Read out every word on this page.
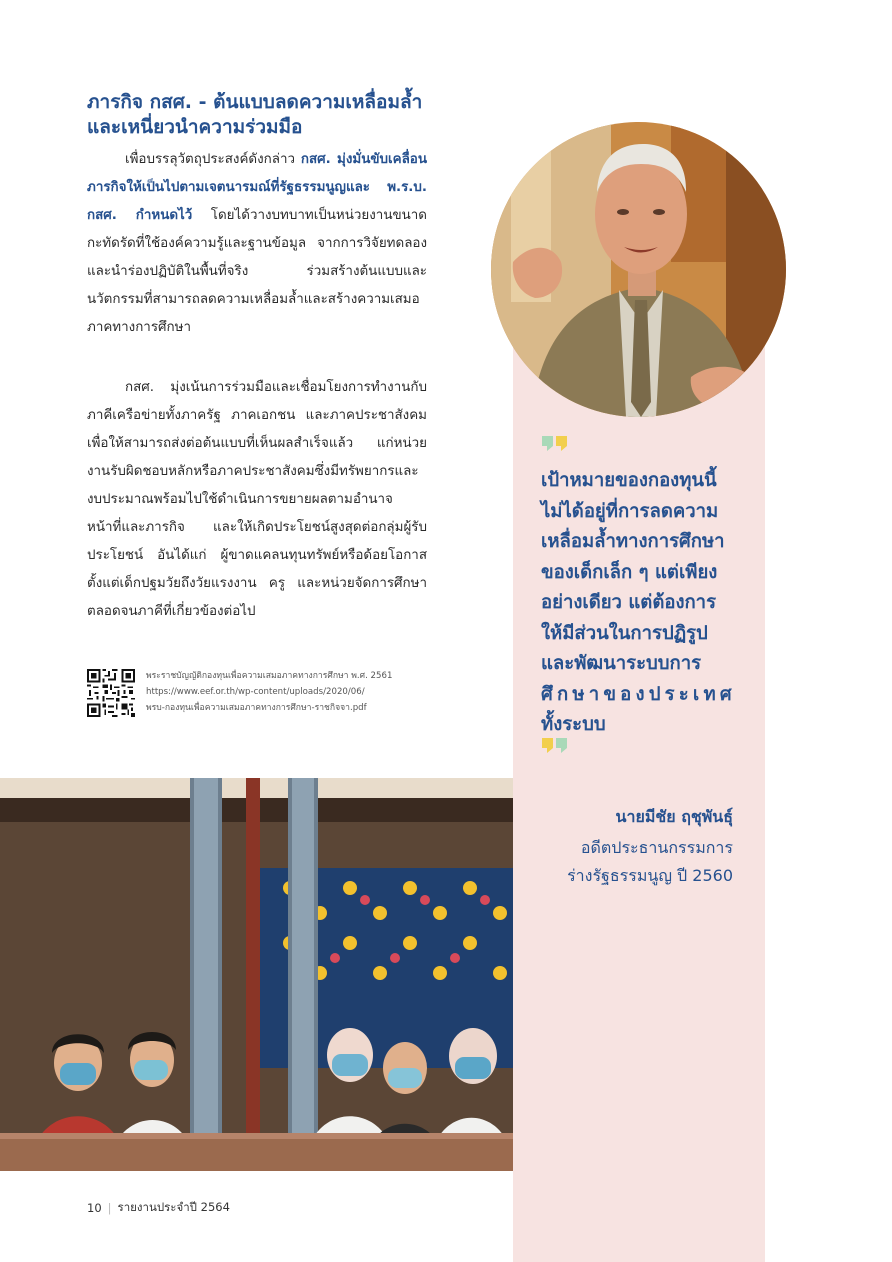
ภารกิจ กสศ. - ต้นแบบลดความเหลื่อมล้ำ
และเหนี่ยวนำความร่วมมือ

เพื่อบรรลุวัตถุประสงค์ดังกล่าว กสศ. มุ่งมั่นขับเคลื่อนภารกิจให้เป็นไปตามเจตนารมณ์ที่รัฐธรรมนูญและ พ.ร.บ. กสศ. กำหนดไว้ โดยได้วางบทบาทเป็นหน่วยงานขนาดกะทัดรัดที่ใช้องค์ความรู้และฐานข้อมูล จากการวิจัยทดลองและนำร่องปฏิบัติในพื้นที่จริง ร่วมสร้างต้นแบบและนวัตกรรมที่สามารถลดความเหลื่อมล้ำและสร้างความเสมอภาคทางการศึกษา

กสศ. มุ่งเน้นการร่วมมือและเชื่อมโยงการทำงานกับภาคีเครือข่ายทั้งภาครัฐ ภาคเอกชน และภาคประชาสังคม เพื่อให้สามารถส่งต่อต้นแบบที่เห็นผลสำเร็จแล้ว แก่หน่วยงานรับผิดชอบหลักหรือภาคประชาสังคมซึ่งมีทรัพยากรและงบประมาณพร้อมไปใช้ดำเนินการขยายผลตามอำนาจหน้าที่และภารกิจ และให้เกิดประโยชน์สูงสุดต่อกลุ่มผู้รับประโยชน์ อันได้แก่ ผู้ขาดแคลนทุนทรัพย์หรือด้อยโอกาสตั้งแต่เด็กปฐมวัยถึงวัยแรงงาน ครู และหน่วยจัดการศึกษาตลอดจนภาคีที่เกี่ยวข้องต่อไป

พระราชบัญญัติกองทุนเพื่อความเสมอภาคทางการศึกษา พ.ศ. 2561
https://www.eef.or.th/wp-content/uploads/2020/06/
พรบ-กองทุนเพื่อความเสมอภาคทางการศึกษา-ราชกิจจา.pdf
เป้าหมายของกองทุนนี้
ไม่ได้อยู่ที่การลดความ
เหลื่อมล้ำทางการศึกษา
ของเด็กเล็ก ๆ แต่เพียง
อย่างเดียว แต่ต้องการ
ให้มีส่วนในการปฏิรูป
และพัฒนาระบบการ
ศึกษาของประเทศ
ทั้งระบบ
นายมีชัย ฤชุพันธุ์
อดีตประธานกรรมการ
ร่างรัฐธรรมนูญ ปี 2560
10 | รายงานประจำปี 2564
